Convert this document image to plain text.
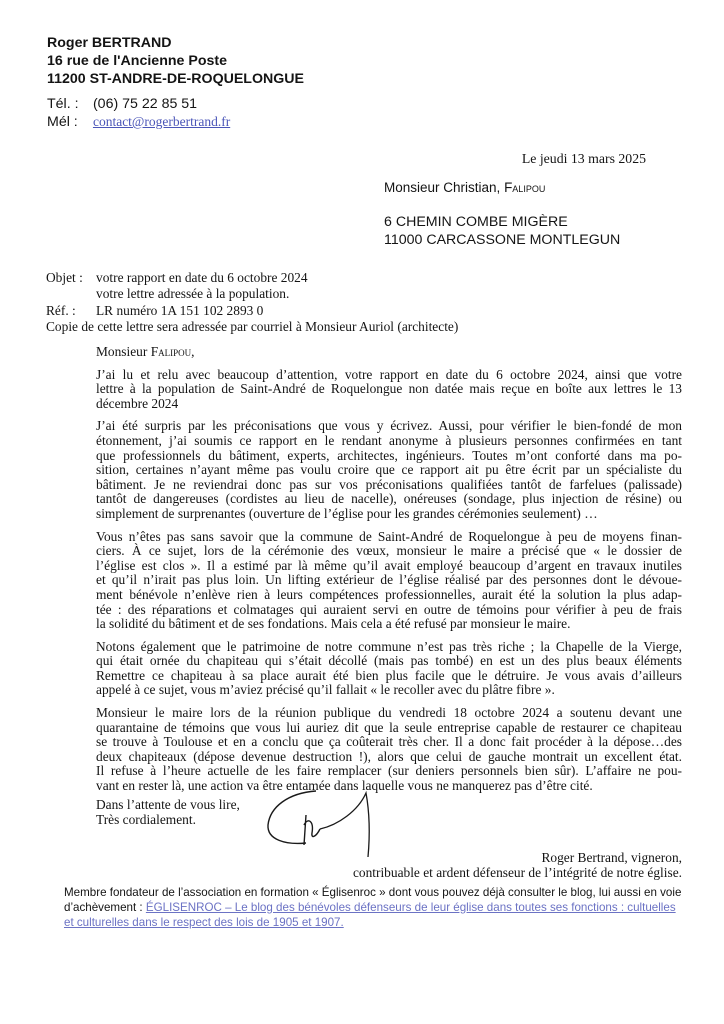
Roger BERTRAND
16 rue de l'Ancienne Poste
11200 ST-ANDRE-DE-ROQUELONGUE
Tél. : (06) 75 22 85 51
Mél : contact@rogerbertrand.fr
Le jeudi 13 mars 2025
Monsieur Christian, Falipou
6 CHEMIN COMBE MIGÈRE
11000 CARCASSONE MONTLEGUN
Objet : votre rapport en date du 6 octobre 2024
votre lettre adressée à la population.
Réf. : LR numéro 1A 151 102 2893 0
Copie de cette lettre sera adressée par courriel à Monsieur Auriol (architecte)
Monsieur Falipou,

J’ai lu et relu avec beaucoup d’attention, votre rapport en date du 6 octobre 2024, ainsi que votre
lettre à la population de Saint-André de Roquelongue non datée mais reçue en boîte aux lettres le 13
décembre 2024

J’ai été surpris par les préconisations que vous y écrivez. Aussi, pour vérifier le bien-fondé de mon
étonnement, j’ai soumis ce rapport en le rendant anonyme à plusieurs personnes confirmées en tant
que professionnels du bâtiment, experts, architectes, ingénieurs. Toutes m’ont conforté dans ma po-
sition, certaines n’ayant même pas voulu croire que ce rapport ait pu être écrit par un spécialiste du
bâtiment. Je ne reviendrai donc pas sur vos préconisations qualifiées tantôt de farfelues (palissade)
tantôt de dangereuses (cordistes au lieu de nacelle), onéreuses (sondage, plus injection de résine) ou
simplement de surprenantes (ouverture de l’église pour les grandes cérémonies seulement) …

Vous n’êtes pas sans savoir que la commune de Saint-André de Roquelongue à peu de moyens finan-
ciers. À ce sujet, lors de la cérémonie des vœux, monsieur le maire a précisé que « le dossier de
l’église est clos ». Il a estimé par là même qu’il avait employé beaucoup d’argent en travaux inutiles
et qu’il n’irait pas plus loin. Un lifting extérieur de l’église réalisé par des personnes dont le dévoue-
ment bénévole n’enlève rien à leurs compétences professionnelles, aurait été la solution la plus adap-
tée : des réparations et colmatages qui auraient servi en outre de témoins pour vérifier à peu de frais
la solidité du bâtiment et de ses fondations. Mais cela a été refusé par monsieur le maire.

Notons également que le patrimoine de notre commune n’est pas très riche ; la Chapelle de la Vierge,
qui était ornée du chapiteau qui s’était décollé (mais pas tombé) en est un des plus beaux éléments
Remettre ce chapiteau à sa place aurait été bien plus facile que le détruire. Je vous avais d’ailleurs
appelé à ce sujet, vous m’aviez précisé qu’il fallait « le recoller avec du plâtre fibre ».

Monsieur le maire lors de la réunion publique du vendredi 18 octobre 2024 a soutenu devant une
quarantaine de témoins que vous lui auriez dit que la seule entreprise capable de restaurer ce chapiteau
se trouve à Toulouse et en a conclu que ça coûterait très cher. Il a donc fait procéder à la dépose…des
deux chapiteaux (dépose devenue destruction !), alors que celui de gauche montrait un excellent état.
Il refuse à l’heure actuelle de les faire remplacer (sur deniers personnels bien sûr). L’affaire ne pou-
vant en rester là, une action va être entamée dans laquelle vous ne manquerez pas d’être cité.

Dans l’attente de vous lire,
Très cordialement.
Roger Bertrand, vigneron,
contribuable et ardent défenseur de l’intégrité de notre église.
Membre fondateur de l’association en formation « Églisenroc » dont vous pouvez déjà consulter le blog, lui aussi en voie d’achèvement : ÉGLISENROC – Le blog des bénévoles défenseurs de leur église dans toutes ses fonctions : cultuelles et culturelles dans le respect des lois de 1905 et 1907.
